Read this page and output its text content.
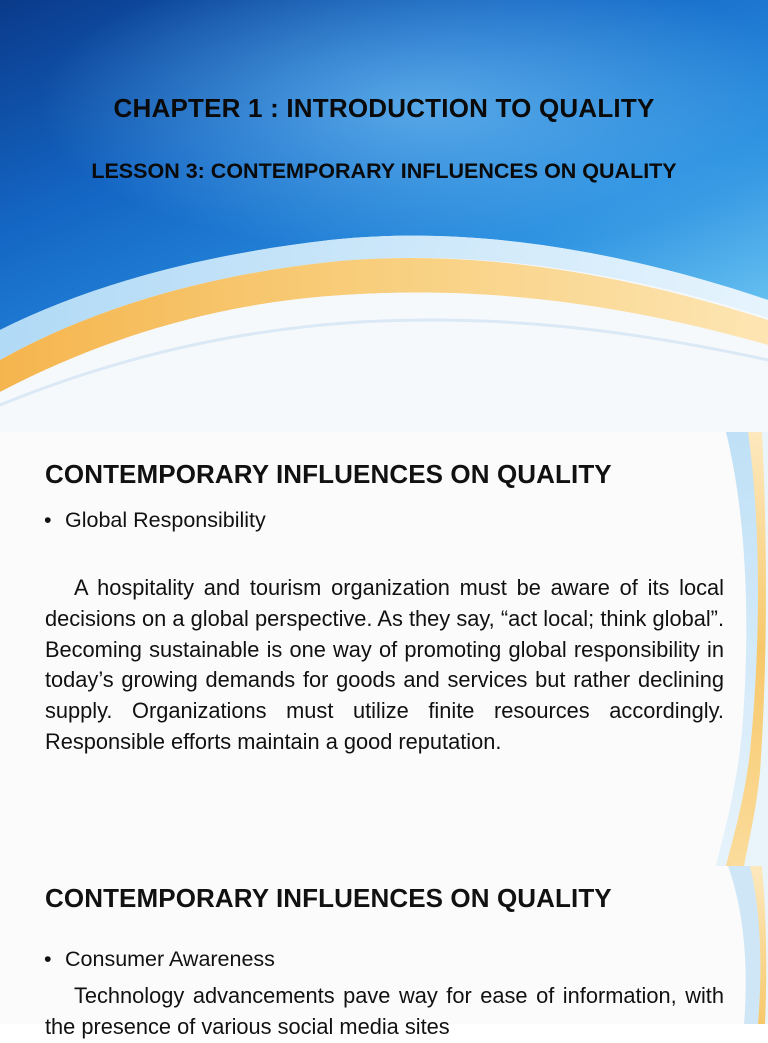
CHAPTER 1 : INTRODUCTION TO QUALITY
LESSON 3: CONTEMPORARY INFLUENCES ON QUALITY
CONTEMPORARY INFLUENCES ON QUALITY
• Global Responsibility

A hospitality and tourism organization must be aware of its local decisions on a global perspective. As they say, “act local; think global”. Becoming sustainable is one way of promoting global responsibility in today’s growing demands for goods and services but rather declining supply. Organizations must utilize finite resources accordingly. Responsible efforts maintain a good reputation.

CONTEMPORARY INFLUENCES ON QUALITY
• Consumer Awareness

Technology advancements pave way for ease of information, with the presence of various social media sites
